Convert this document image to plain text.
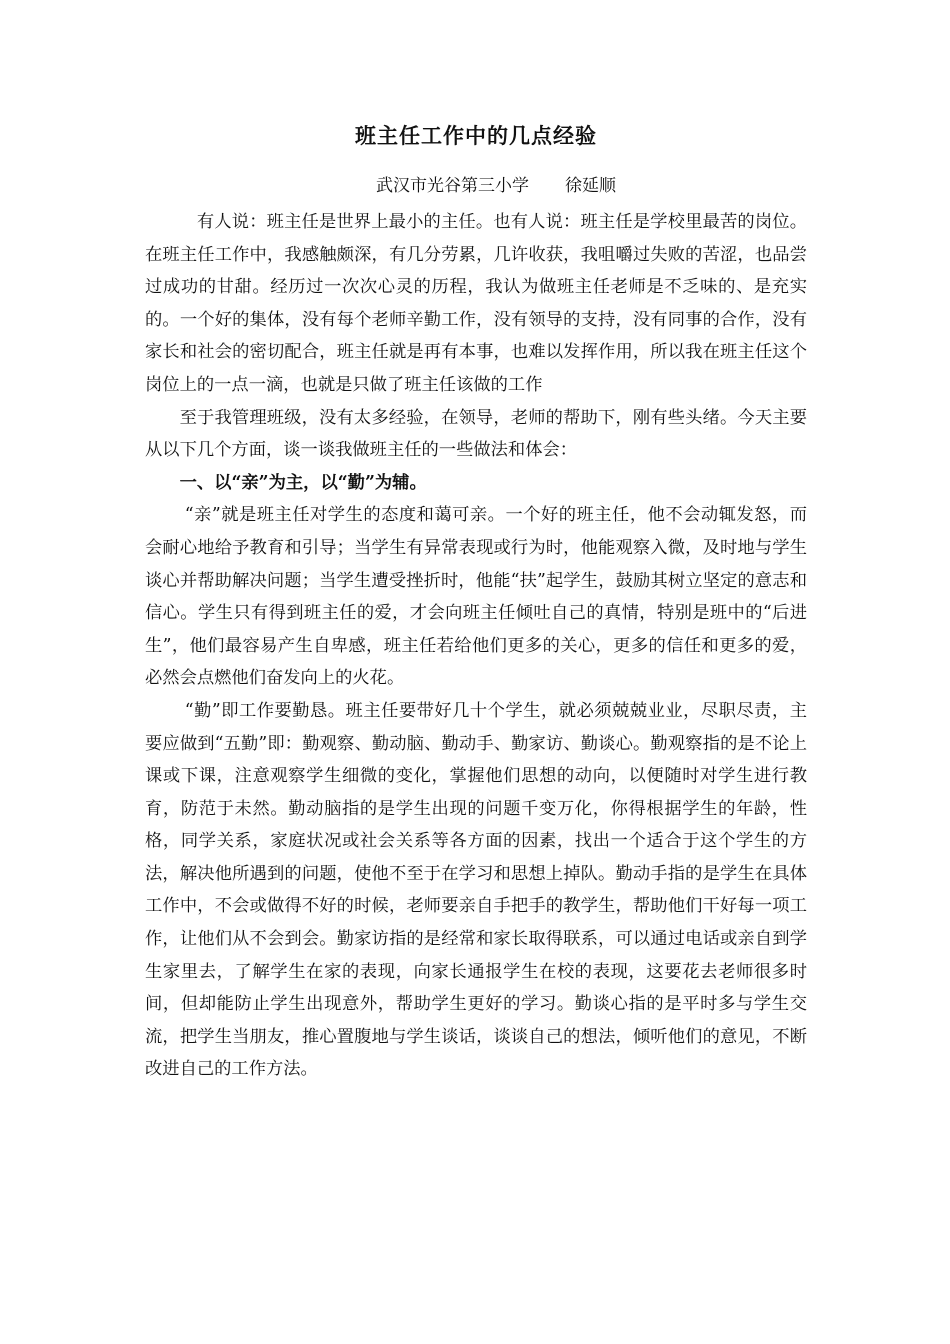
班主任工作中的几点经验
武汉市光谷第三小学 徐延顺

有人说：班主任是世界上最小的主任。也有人说：班主任是学校里最苦的岗位。在班主任工作中，我感触颇深，有几分劳累，几许收获，我咀嚼过失败的苦涩，也品尝过成功的甘甜。经历过一次次心灵的历程，我认为做班主任老师是不乏味的、是充实的。一个好的集体，没有每个老师辛勤工作，没有领导的支持，没有同事的合作，没有家长和社会的密切配合，班主任就是再有本事，也难以发挥作用，所以我在班主任这个岗位上的一点一滴，也就是只做了班主任该做的工作

至于我管理班级，没有太多经验，在领导，老师的帮助下，刚有些头绪。今天主要从以下几个方面，谈一谈我做班主任的一些做法和体会：

一、以“亲”为主，以“勤”为辅。

“亲”就是班主任对学生的态度和蔼可亲。一个好的班主任，他不会动辄发怒，而会耐心地给予教育和引导；当学生有异常表现或行为时，他能观察入微，及时地与学生谈心并帮助解决问题；当学生遭受挫折时，他能“扶”起学生，鼓励其树立坚定的意志和信心。学生只有得到班主任的爱，才会向班主任倾吐自己的真情，特别是班中的“后进生”，他们最容易产生自卑感，班主任若给他们更多的关心，更多的信任和更多的爱，必然会点燃他们奋发向上的火花。

“勤”即工作要勤恳。班主任要带好几十个学生，就必须兢兢业业，尽职尽责，主要应做到“五勤”即：勤观察、勤动脑、勤动手、勤家访、勤谈心。勤观察指的是不论上课或下课，注意观察学生细微的变化，掌握他们思想的动向，以便随时对学生进行教育，防范于未然。勤动脑指的是学生出现的问题千变万化，你得根据学生的年龄，性格，同学关系，家庭状况或社会关系等各方面的因素，找出一个适合于这个学生的方法，解决他所遇到的问题，使他不至于在学习和思想上掉队。勤动手指的是学生在具体工作中，不会或做得不好的时候，老师要亲自手把手的教学生，帮助他们干好每一项工作，让他们从不会到会。勤家访指的是经常和家长取得联系，可以通过电话或亲自到学生家里去，了解学生在家的表现，向家长通报学生在校的表现，这要花去老师很多时间，但却能防止学生出现意外，帮助学生更好的学习。勤谈心指的是平时多与学生交流，把学生当朋友，推心置腹地与学生谈话，谈谈自己的想法，倾听他们的意见，不断改进自己的工作方法。
